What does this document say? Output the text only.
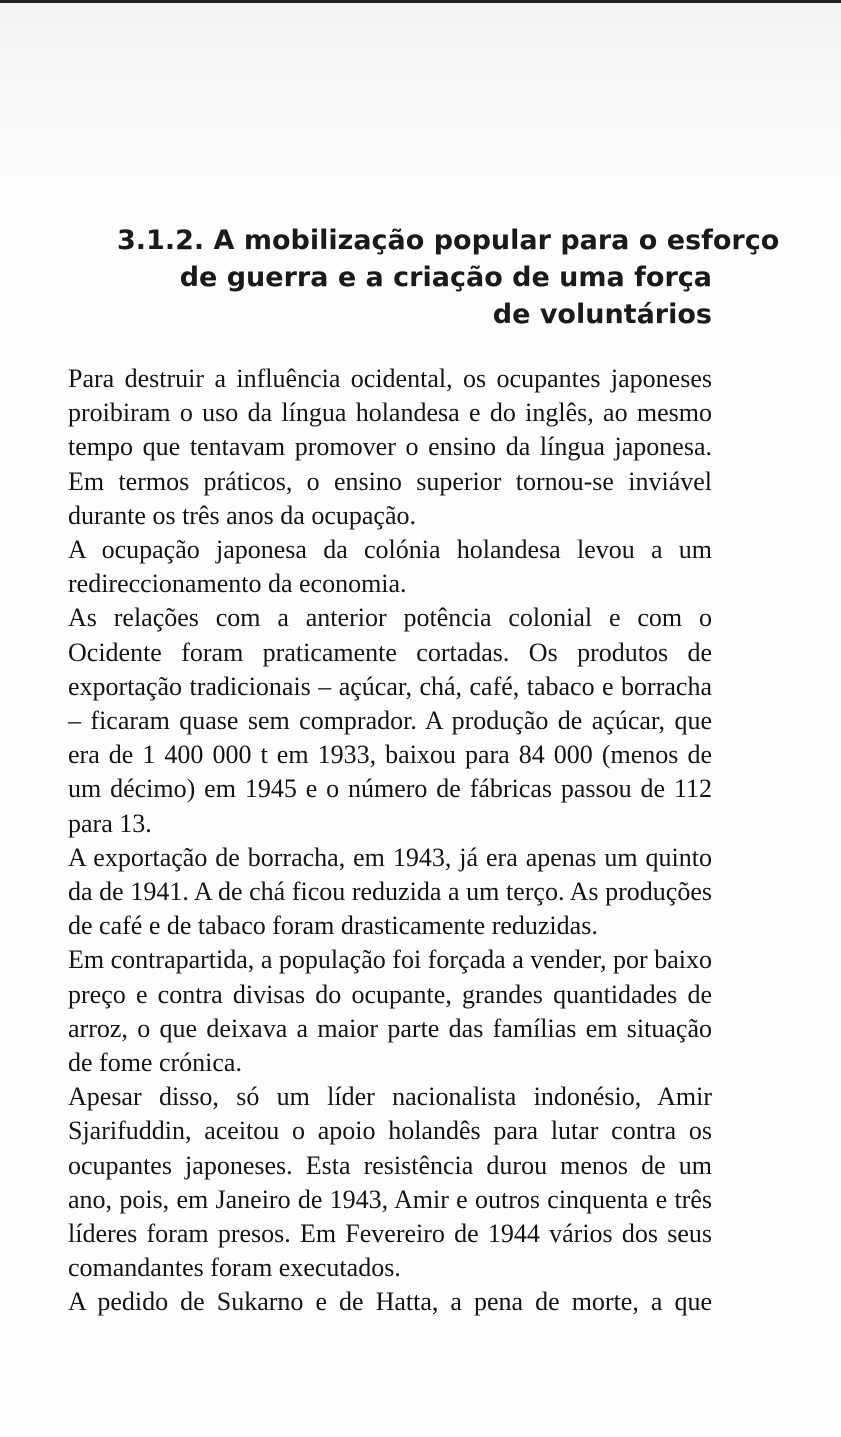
3.1.2. A mobilização popular para o esforço
de guerra e a criação de uma força
de voluntários

Para destruir a influência ocidental, os ocupantes japoneses proibiram o uso da língua holandesa e do inglês, ao mesmo tempo que tentavam promover o ensino da língua japonesa. Em termos práticos, o ensino superior tornou-se inviável durante os três anos da ocupação.

A ocupação japonesa da colónia holandesa levou a um redireccionamento da economia.

As relações com a anterior potência colonial e com o Ocidente foram praticamente cortadas. Os produtos de exportação tradicionais – açúcar, chá, café, tabaco e borracha – ficaram quase sem comprador. A produção de açúcar, que era de 1 400 000 t em 1933, baixou para 84 000 (menos de um décimo) em 1945 e o número de fábricas passou de 112 para 13.

A exportação de borracha, em 1943, já era apenas um quinto da de 1941. A de chá ficou reduzida a um terço. As produções de café e de tabaco foram drasticamente reduzidas.

Em contrapartida, a população foi forçada a vender, por baixo preço e contra divisas do ocupante, grandes quantidades de arroz, o que deixava a maior parte das famílias em situação de fome crónica.

Apesar disso, só um líder nacionalista indonésio, Amir Sjarifuddin, aceitou o apoio holandês para lutar contra os ocupantes japoneses. Esta resistência durou menos de um ano, pois, em Janeiro de 1943, Amir e outros cinquenta e três líderes foram presos. Em Fevereiro de 1944 vários dos seus comandantes foram executados.

A pedido de Sukarno e de Hatta, a pena de morte, a que
